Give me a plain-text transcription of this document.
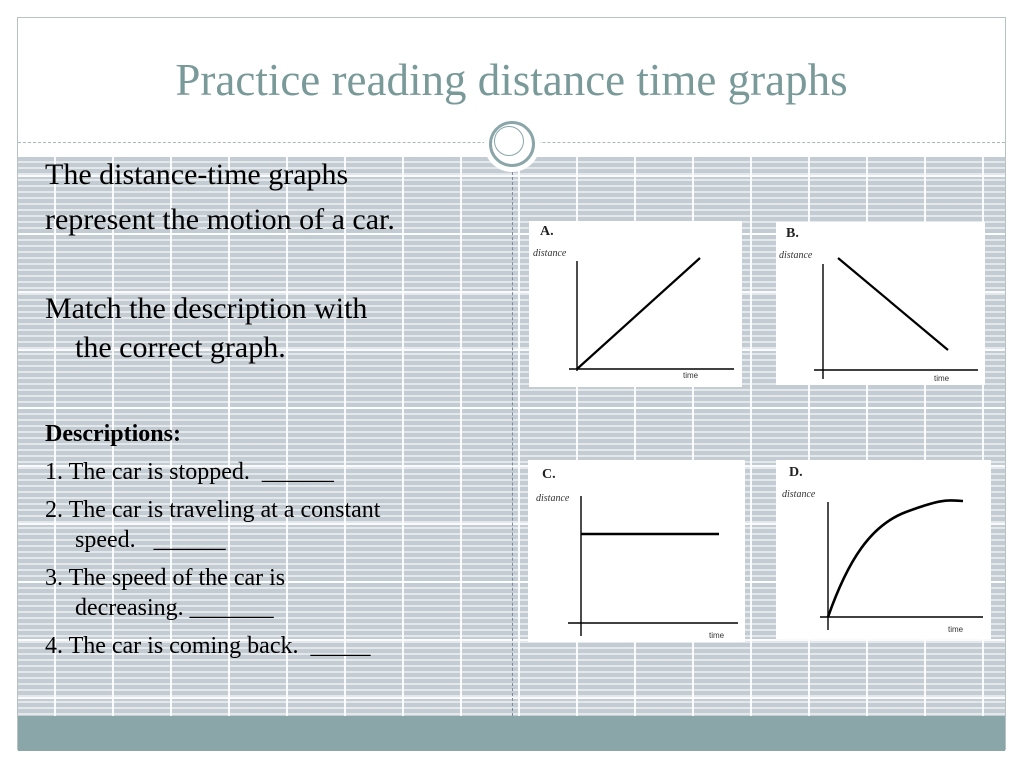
Practice reading distance time graphs
The distance-time graphs
represent the motion of a car.
Match the description with
the correct graph.
Descriptions:
1. The car is stopped.  ______
2. The car is traveling at a constant
speed.   ______
3. The speed of the car is
decreasing. _______
4. The car is coming back.  _____
A.
distance
time
B.
distance
time
C.
distance
time
D.
distance
time
